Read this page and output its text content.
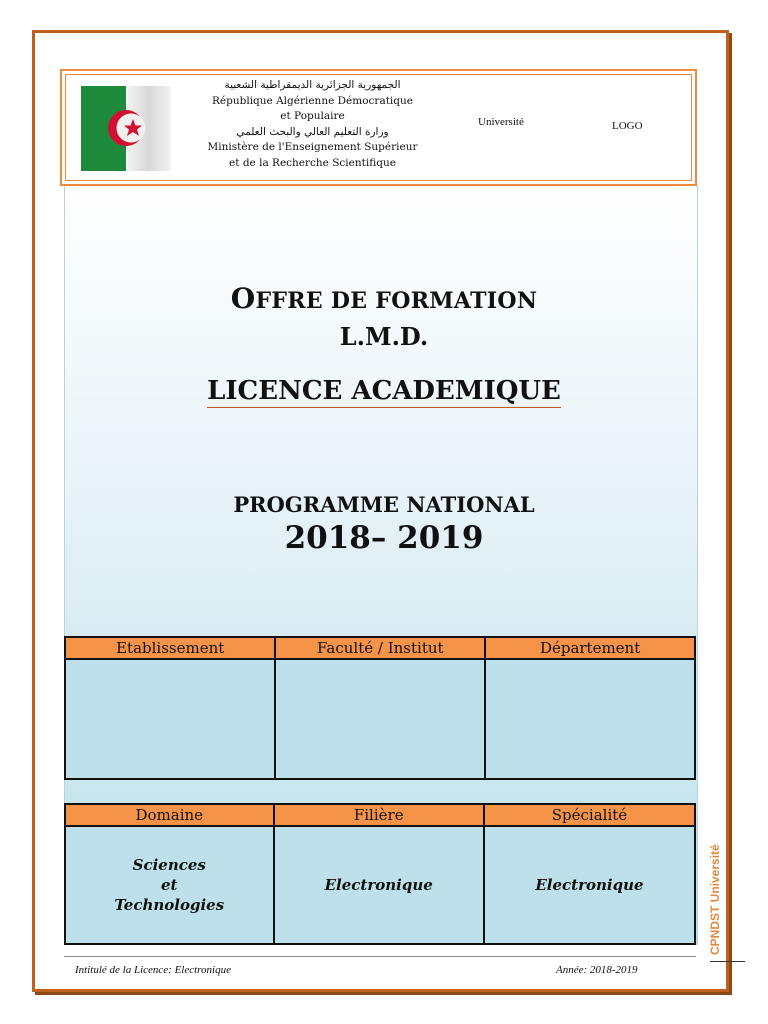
الجمهورية الجزائرية الديمقراطية الشعبية
République Algérienne Démocratique
et Populaire
وزارة التعليم العالي والبحث العلمي
Ministère de l'Enseignement Supérieur
et de la Recherche Scientifique
Université	LOGO
OFFRE DE FORMATION
L.M.D.
LICENCE ACADEMIQUE
PROGRAMME NATIONAL
2018– 2019
Etablissement	Faculté / Institut	Département

Domaine	Filière	Spécialité

Sciences
et
Technologies	Electronique	Electronique
Intitulé de la Licence: Electronique	Année: 2018-2019
CPNDST Université
